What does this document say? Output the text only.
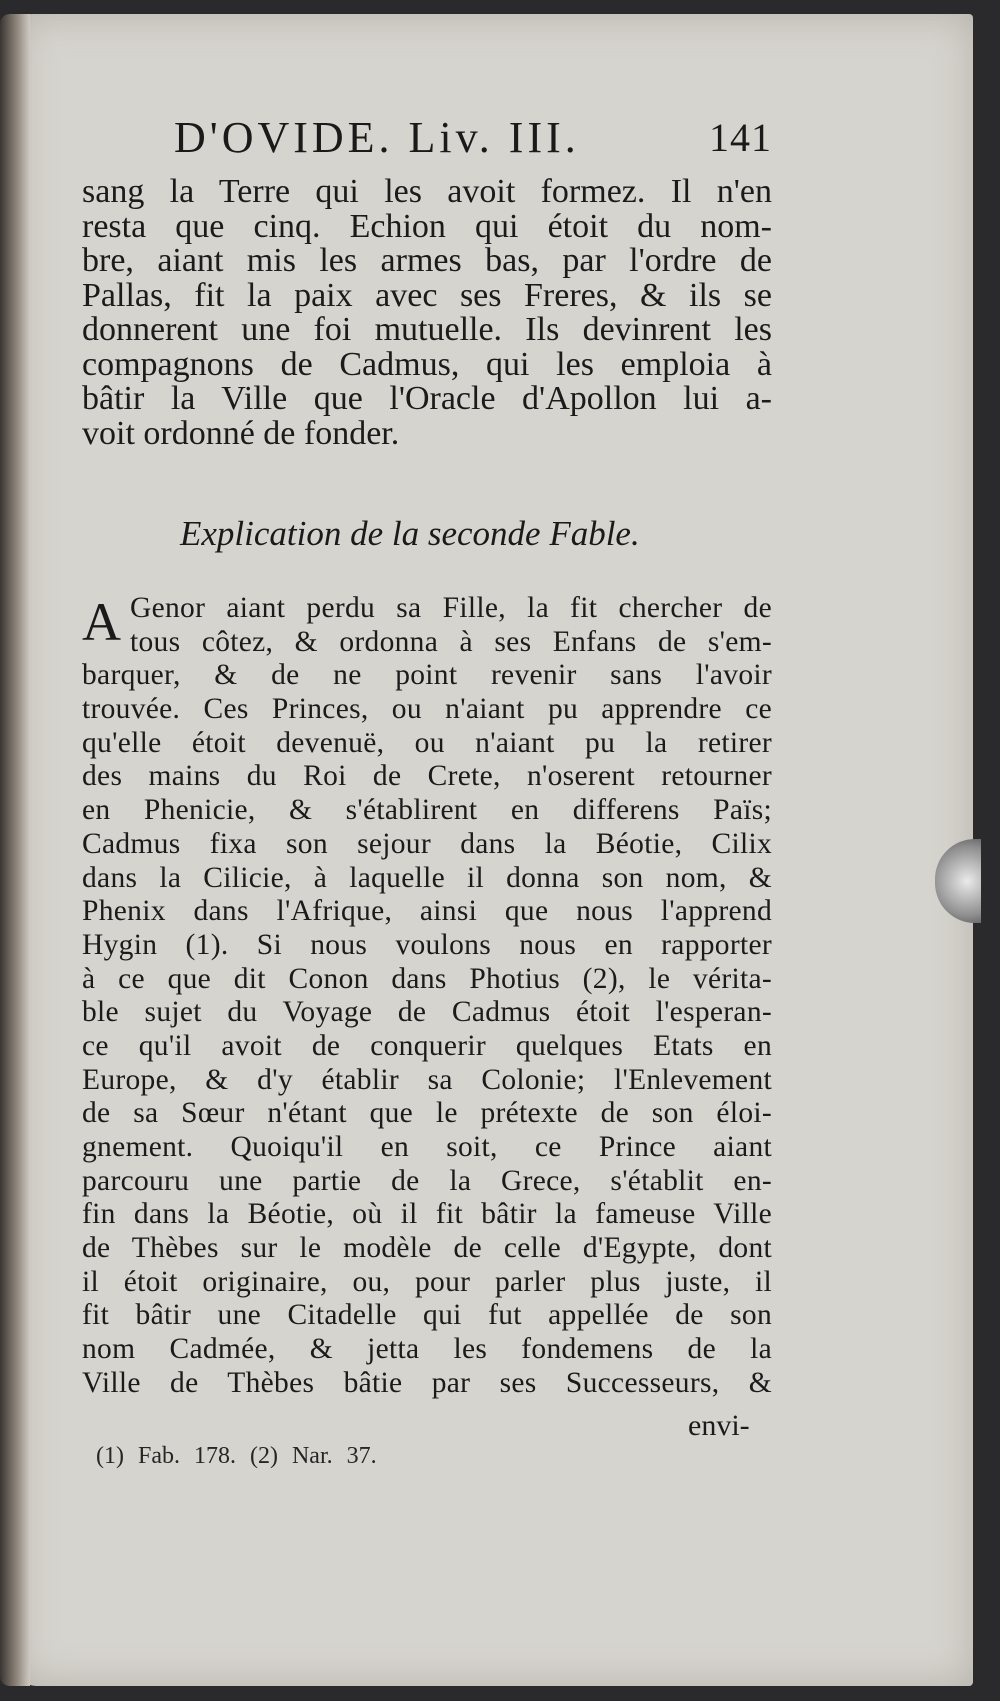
D'OVIDE. Liv. III.	141
sang la Terre qui les avoit formez. Il n'en
resta que cinq. Echion qui étoit du nom-
bre, aiant mis les armes bas, par l'ordre de
Pallas, fit la paix avec ses Freres, & ils se
donnerent une foi mutuelle. Ils devinrent les
compagnons de Cadmus, qui les emploia à
bâtir la Ville que l'Oracle d'Apollon lui a-
voit ordonné de fonder.
Explication de la seconde Fable.
A Genor aiant perdu sa Fille, la fit chercher de
tous côtez, & ordonna à ses Enfans de s'em-
barquer, & de ne point revenir sans l'avoir
trouvée. Ces Princes, ou n'aiant pu apprendre ce
qu'elle étoit devenuë, ou n'aiant pu la retirer
des mains du Roi de Crete, n'oserent retourner
en Phenicie, & s'établirent en differens Païs;
Cadmus fixa son sejour dans la Béotie, Cilix
dans la Cilicie, à laquelle il donna son nom, &
Phenix dans l'Afrique, ainsi que nous l'apprend
Hygin (1). Si nous voulons nous en rapporter
à ce que dit Conon dans Photius (2), le vérita-
ble sujet du Voyage de Cadmus étoit l'esperan-
ce qu'il avoit de conquerir quelques Etats en
Europe, & d'y établir sa Colonie; l'Enlevement
de sa Sœur n'étant que le prétexte de son éloi-
gnement. Quoiqu'il en soit, ce Prince aiant
parcouru une partie de la Grece, s'établit en-
fin dans la Béotie, où il fit bâtir la fameuse Ville
de Thèbes sur le modèle de celle d'Egypte, dont
il étoit originaire, ou, pour parler plus juste, il
fit bâtir une Citadelle qui fut appellée de son
nom Cadmée, & jetta les fondemens de la
Ville de Thèbes bâtie par ses Successeurs, &
envi-
(1) Fab. 178. (2) Nar. 37.
